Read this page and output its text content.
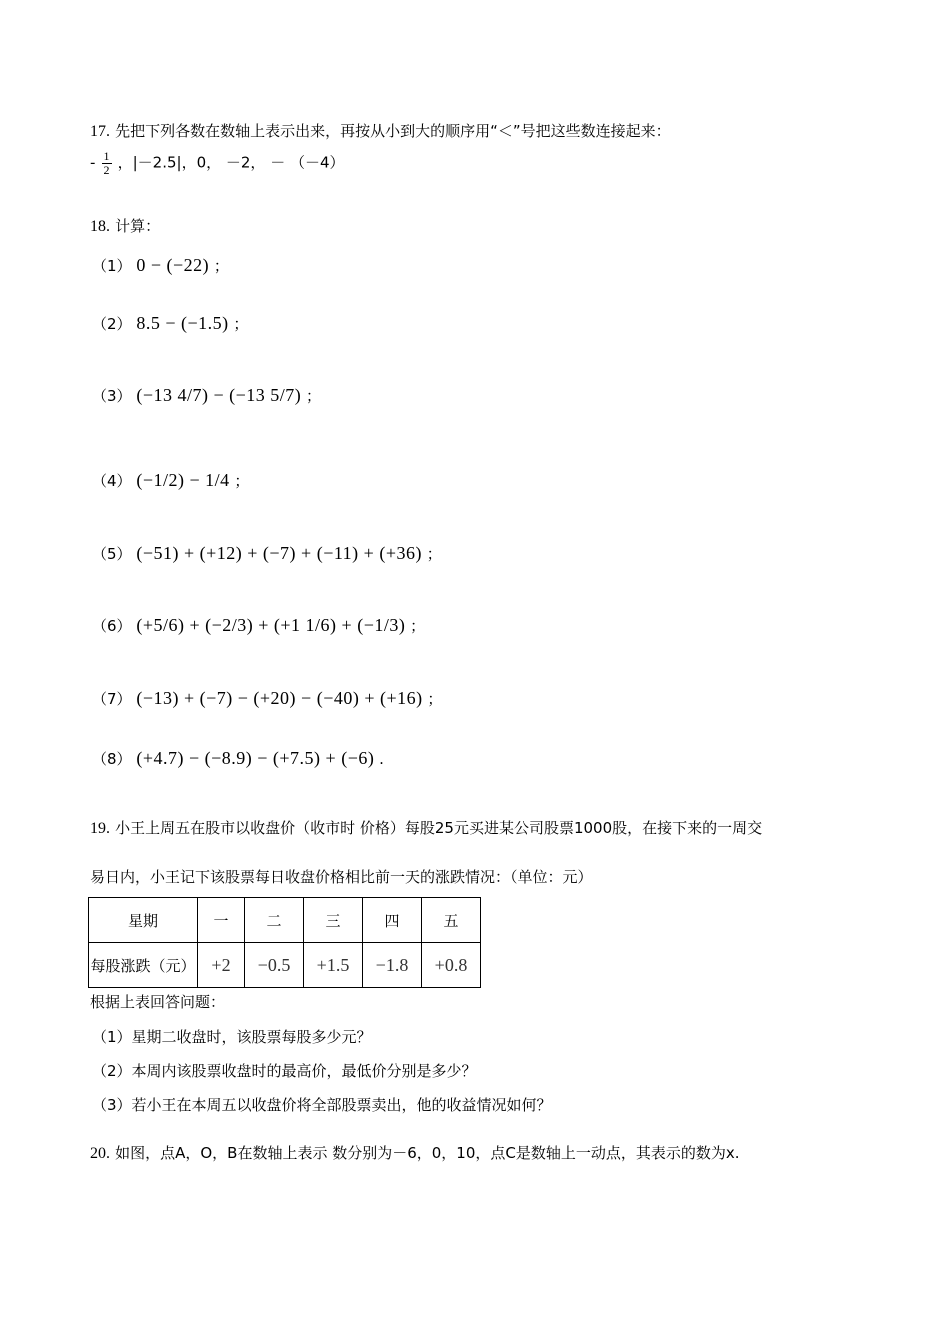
17. 先把下列各数在数轴上表示出来，再按从小到大的顺序用“＜”号把这些数连接起来：
- $\frac{1}{2}$ ，|－2.5|，0， －2， － （－4）
18. 计算：
（1） 0 − (−22) ；
（2） 8.5 − (−1.5) ；
（3） (−13 4/7) − (−13 5/7) ；
（4） (−1/2) − 1/4 ；
（5） (−51) + (+12) + (−7) + (−11) + (+36) ；
（6） (+5/6) + (−2/3) + (+1 1/6) + (−1/3) ；
（7） (−13) + (−7) − (+20) − (−40) + (+16) ；
（8） (+4.7) − (−8.9) − (+7.5) + (−6) .
19. 小王上周五在股市以收盘价（收市时 价格）每股25元买进某公司股票1000股，在接下来的一周交
易日内，小王记下该股票每日收盘价格相比前一天的涨跌情况：（单位：元）
星期	一	二	三	四	五
每股涨跌（元）	+2	−0.5	+1.5	−1.8	+0.8
根据上表回答问题：
（1）星期二收盘时，该股票每股多少元？
（2）本周内该股票收盘时的最高价，最低价分别是多少？
（3）若小王在本周五以收盘价将全部股票卖出，他的收益情况如何？
20. 如图，点A，O，B在数轴上表示 数分别为－6，0，10，点C是数轴上一动点，其表示的数为x.
